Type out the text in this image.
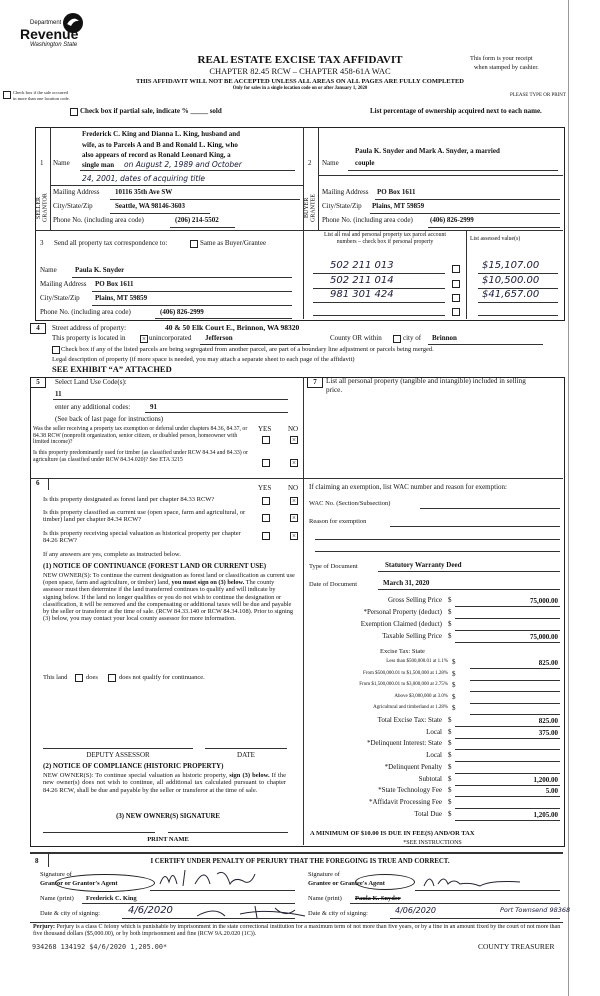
Department of
Revenue
Washington State
REAL ESTATE EXCISE TAX AFFIDAVIT
CHAPTER 82.45 RCW – CHAPTER 458-61A WAC
THIS AFFIDAVIT WILL NOT BE ACCEPTED UNLESS ALL AREAS ON ALL PAGES ARE FULLY COMPLETED
Only for sales in a single location code on or after January 1, 2020
This form is your receipt
when stamped by cashier.
Check box if the sale occurred
in more than one location code.
PLEASE TYPE OR PRINT
Check box if partial sale, indicate % _____ sold	List percentage of ownership acquired next to each name.
1
SELLER GRANTOR
Name
Frederick C. King and Dianna L. King, husband and
wife, as to Parcels A and B and Ronald L. King, who
also appears of record as Ronald Leonard King, a
single man on August 2, 1989 and October
24, 2001, dates of acquiring title
Mailing Address 10116 35th Ave SW
City/State/Zip	Seattle, WA 98146-3603
Phone No. (including area code)	(206) 214-5502
2
BUYER GRANTEE
Name
Paula K. Snyder and Mark A. Snyder, a married
couple
Mailing Address PO Box 1611
City/State/Zip Plains, MT 59859
Phone No. (including area code) (406) 826-2999
3 Send all property tax correspondence to:	Same as Buyer/Grantee
Name	Paula K. Snyder
Mailing Address PO Box 1611
City/State/Zip Plains, MT 59859
Phone No. (including area code)	(406) 826-2999
List all real and personal property tax parcel account
numbers – check box if personal property	List assessed value(s)
502 211 013	$15,107.00
502 211 014	$10,500.00
981 301 424	$41,657.00
4	Street address of property:	40 & 50 Elk Court E., Brinnon, WA 98320
This property is located in × unincorporated Jefferson	County OR within	city of Brinnon
Check box if any of the listed parcels are being segregated from another parcel, are part of a boundary line adjustment or parcels being merged.
Legal description of property (if more space is needed, you may attach a separate sheet to each page of the affidavit)
SEE EXHIBIT “A” ATTACHED
5	Select Land Use Code(s):
11
enter any additional codes:	91
(See back of last page for instructions)
YES NO
Was the seller receiving a property tax exemption or deferral under chapters 84.36, 84.37, or 84.38 RCW (nonprofit organization, senior citizen, or disabled person, homeowner with limited income)?	×
Is this property predominantly used for timber (as classified under RCW 84.34 and 84.33) or agriculture (as classified under RCW 84.34.020)? See ETA 3215	×
7	List all personal property (tangible and intangible) included in selling
price.
6
YES NO
Is this property designated as forest land per chapter 84.33 RCW?	×
Is this property classified as current use (open space, farm and agricultural, or timber) land per chapter 84.34 RCW?	×
Is this property receiving special valuation as historical property per chapter 84.26 RCW?
×
If any answers are yes, complete as instructed below.
(1) NOTICE OF CONTINUANCE (FOREST LAND OR CURRENT USE)
NEW OWNER(S): To continue the current designation as forest land or classification as current use (open space, farm and agriculture, or timber) land, you must sign on (3) below. The county assessor must then determine if the land transferred continues to qualify and will indicate by signing below. If the land no longer qualifies or you do not wish to continue the designation or classification, it will be removed and the compensating or additional taxes will be due and payable by the seller or transferor at the time of sale. (RCW 84.33.140 or RCW 84.34.108). Prior to signing (3) below, you may contact your local county assessor for more information.
This land	does	does not qualify for continuance.
DEPUTY ASSESSOR	DATE
(2) NOTICE OF COMPLIANCE (HISTORIC PROPERTY)
NEW OWNER(S): To continue special valuation as historic property, sign (3) below. If the new owner(s) does not wish to continue, all additional tax calculated pursuant to chapter 84.26 RCW, shall be due and payable by the seller or transferor at the time of sale.
(3) NEW OWNER(S) SIGNATURE
PRINT NAME
If claiming an exemption, list WAC number and reason for exemption:
WAC No. (Section/Subsection)
Reason for exemption
Type of Document	Statutory Warranty Deed
Date of Document	March 31, 2020
Gross Selling Price $	75,000.00
*Personal Property (deduct) $
Exemption Claimed (deduct) $
Taxable Selling Price $	75,000.00
Less than $500,000.01 at 1.1% $	825.00
From $500,000.01 to $1,500,000 at 1.28% $
From $1,500,000.01 to $3,000,000 at 2.75% $
Above $3,000,000 at 3.0% $
Agricultural and timberland at 1.28% $
Total Excise Tax: State $	825.00
Local $	375.00
*Delinquent Interest: State $
Local $
*Delinquent Penalty $
Subtotal $	1,200.00
*State Technology Fee $	5.00
*Affidavit Processing Fee $
Total Due $	1,205.00
Excise Tax: State
A MINIMUM OF $10.00 IS DUE IN FEE(S) AND/OR TAX
*SEE INSTRUCTIONS
8	I CERTIFY UNDER PENALTY OF PERJURY THAT THE FOREGOING IS TRUE AND CORRECT.
Signature of
Grantor or Grantor's Agent
Name (print) Frederick C. King
Date & city of signing:	4/6/2020
Signature of
Grantee or Grantee's Agent
Name (print) Paula K. Snyder
Date & city of signing:	4/06/2020	Port Townsend 98368
Perjury: Perjury is a class C felony which is punishable by imprisonment in the state correctional institution for a maximum term of not more than five years, or by a fine in an amount fixed by the court of not more than five thousand dollars ($5,000.00), or by both imprisonment and fine (RCW 9A.20.020 (1C)).
934268 134192 $4/6/2020 1,205.00*	COUNTY TREASURER
